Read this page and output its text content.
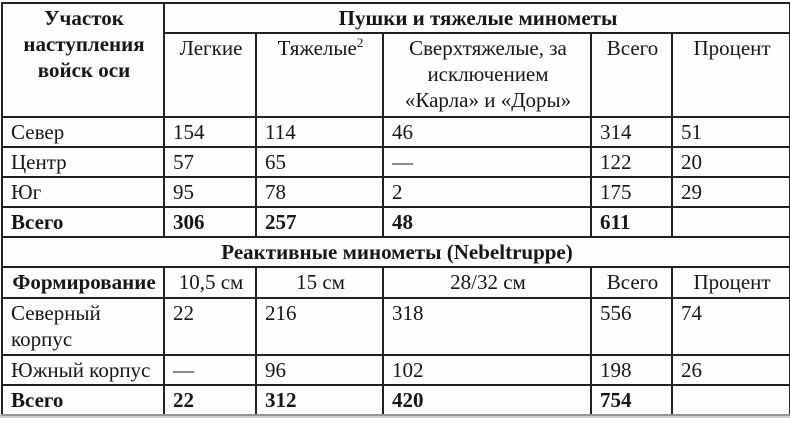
Участок наступления войск оси	Пушки и тяжелые минометы				
	Легкие	Тяжелые$^2$	Сверхтяжелые, за исключением «Карла» и «Доры»	Всего	Процент
Север	154	114	46	314	51
Центр	57	65	—	122	20
Юг	95	78	2	175	29
Всего	306	257	48	611	
Реактивные минометы (Nebeltruppe)					
Формирование	10,5 см	15 см	28/32 см	Всего	Процент
Северный корпус	22	216	318	556	74
Южный корпус	—	96	102	198	26
Всего	22	312	420	754	
